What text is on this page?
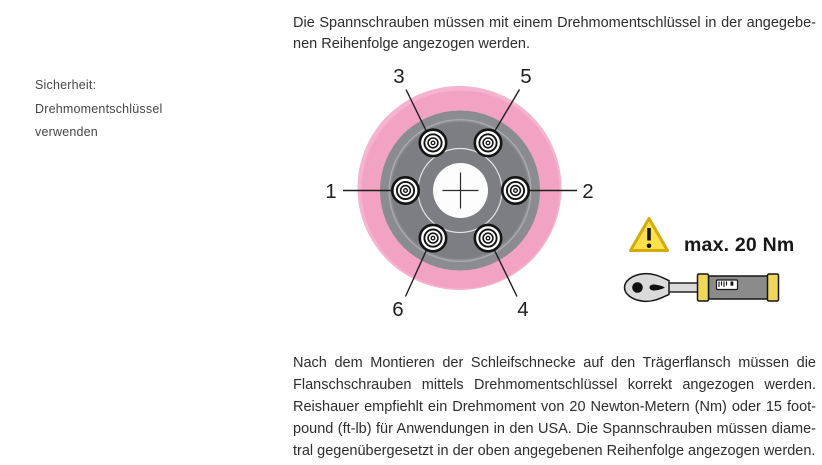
Sicherheit:
Drehmomentschlüssel
verwenden
Die Spannschrauben müssen mit einem Drehmomentschlüssel in der angegebe-
nen Reihenfolge angezogen werden.
1	2
3
4
5
6
max. 20 Nm
Nach dem Montieren der Schleifschnecke auf den Trägerflansch müssen die
Flanschschrauben mittels Drehmomentschlüssel korrekt angezogen werden.
Reishauer empfiehlt ein Drehmoment von 20 Newton-Metern (Nm) oder 15 foot-
pound (ft-lb) für Anwendungen in den USA. Die Spannschrauben müssen diame-
tral gegenübergesetzt in der oben angegebenen Reihenfolge angezogen werden.
